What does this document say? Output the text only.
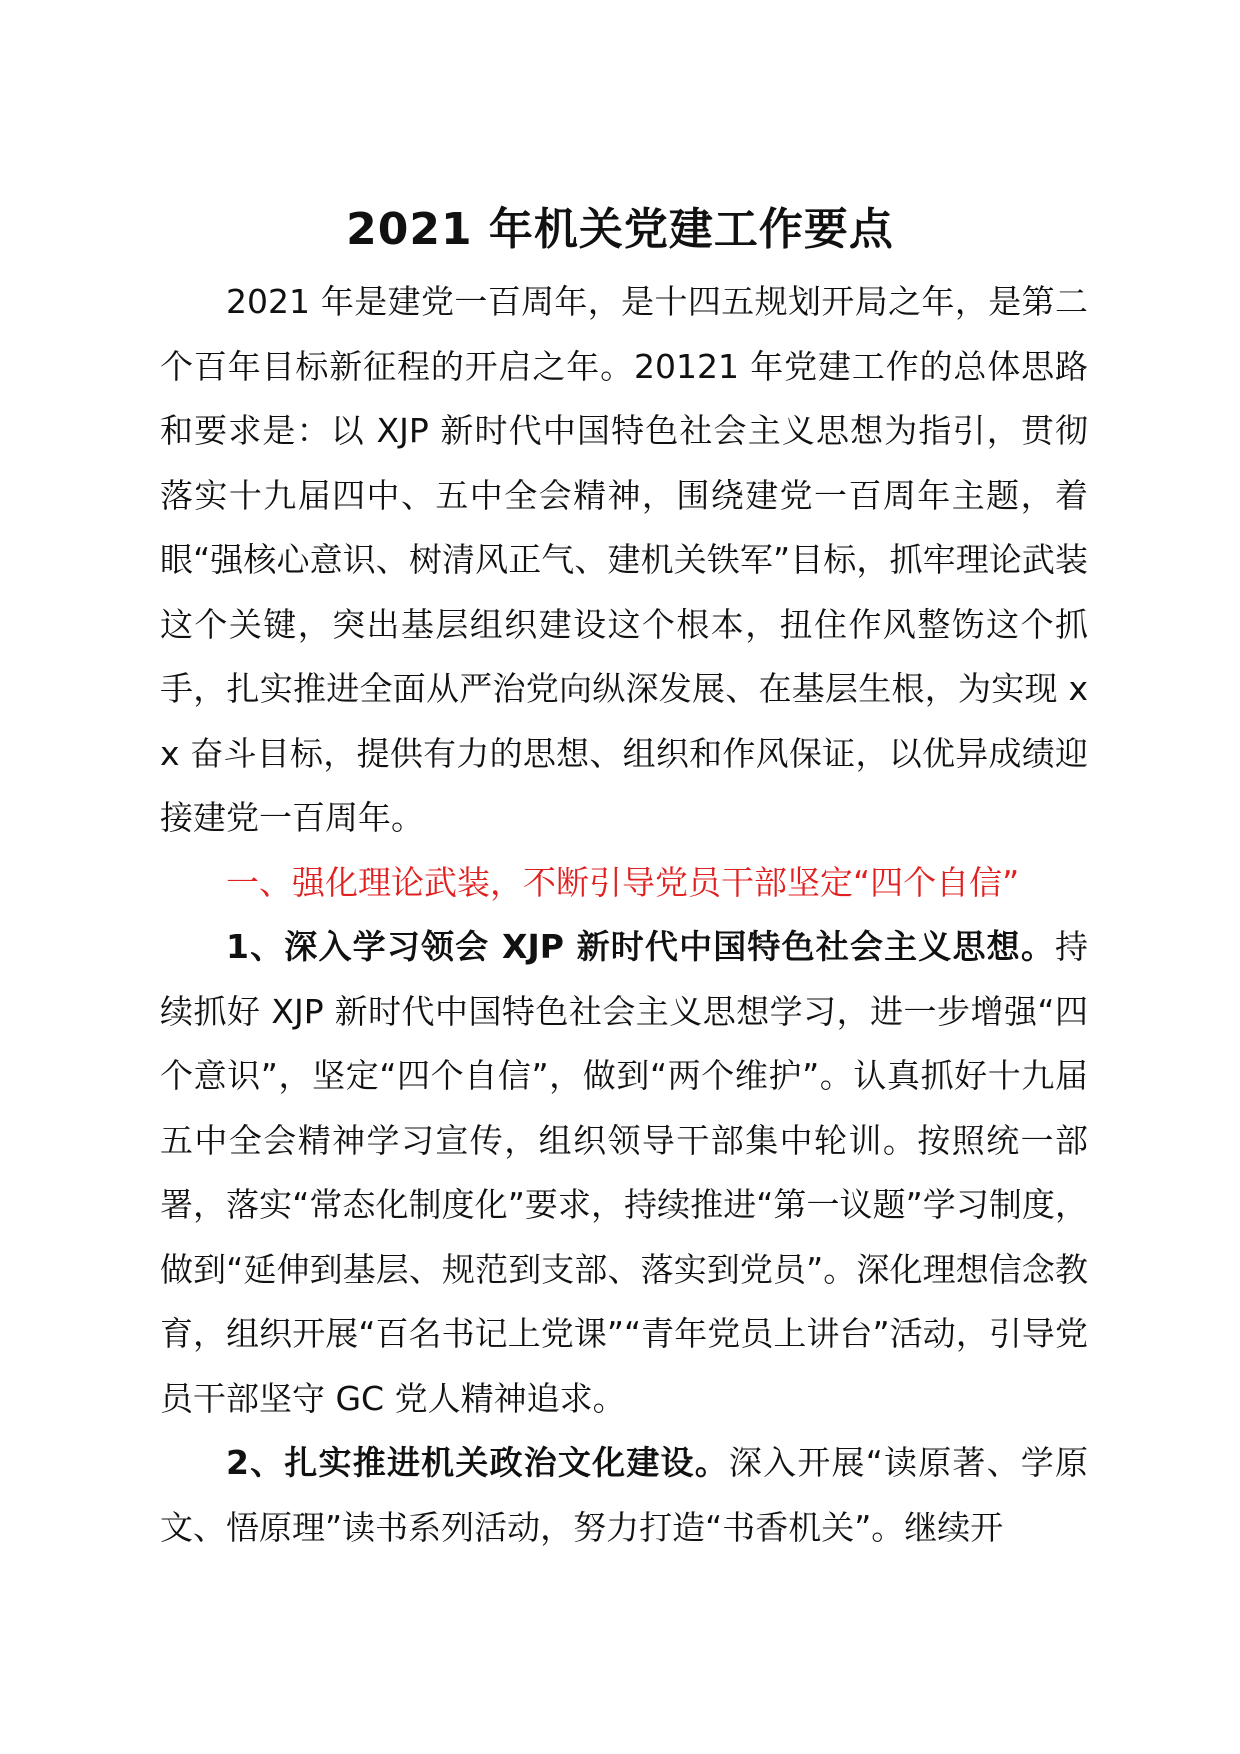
2021 年机关党建工作要点

2021 年是建党一百周年，是十四五规划开局之年，是第二个百年目标新征程的开启之年。20121 年党建工作的总体思路和要求是：以 XJP 新时代中国特色社会主义思想为指引，贯彻落实十九届四中、五中全会精神，围绕建党一百周年主题，着眼“强核心意识、树清风正气、建机关铁军”目标，抓牢理论武装这个关键，突出基层组织建设这个根本，扭住作风整饬这个抓手，扎实推进全面从严治党向纵深发展、在基层生根，为实现 xx 奋斗目标，提供有力的思想、组织和作风保证，以优异成绩迎接建党一百周年。

一、强化理论武装，不断引导党员干部坚定“四个自信”

1、深入学习领会 XJP 新时代中国特色社会主义思想。持续抓好 XJP 新时代中国特色社会主义思想学习，进一步增强“四个意识”，坚定“四个自信”，做到“两个维护”。认真抓好十九届五中全会精神学习宣传，组织领导干部集中轮训。按照统一部署，落实“常态化制度化”要求，持续推进“第一议题”学习制度，做到“延伸到基层、规范到支部、落实到党员”。深化理想信念教育，组织开展“百名书记上党课”“青年党员上讲台”活动，引导党员干部坚守 GC 党人精神追求。

2、扎实推进机关政治文化建设。深入开展“读原著、学原文、悟原理”读书系列活动，努力打造“书香机关”。继续开
